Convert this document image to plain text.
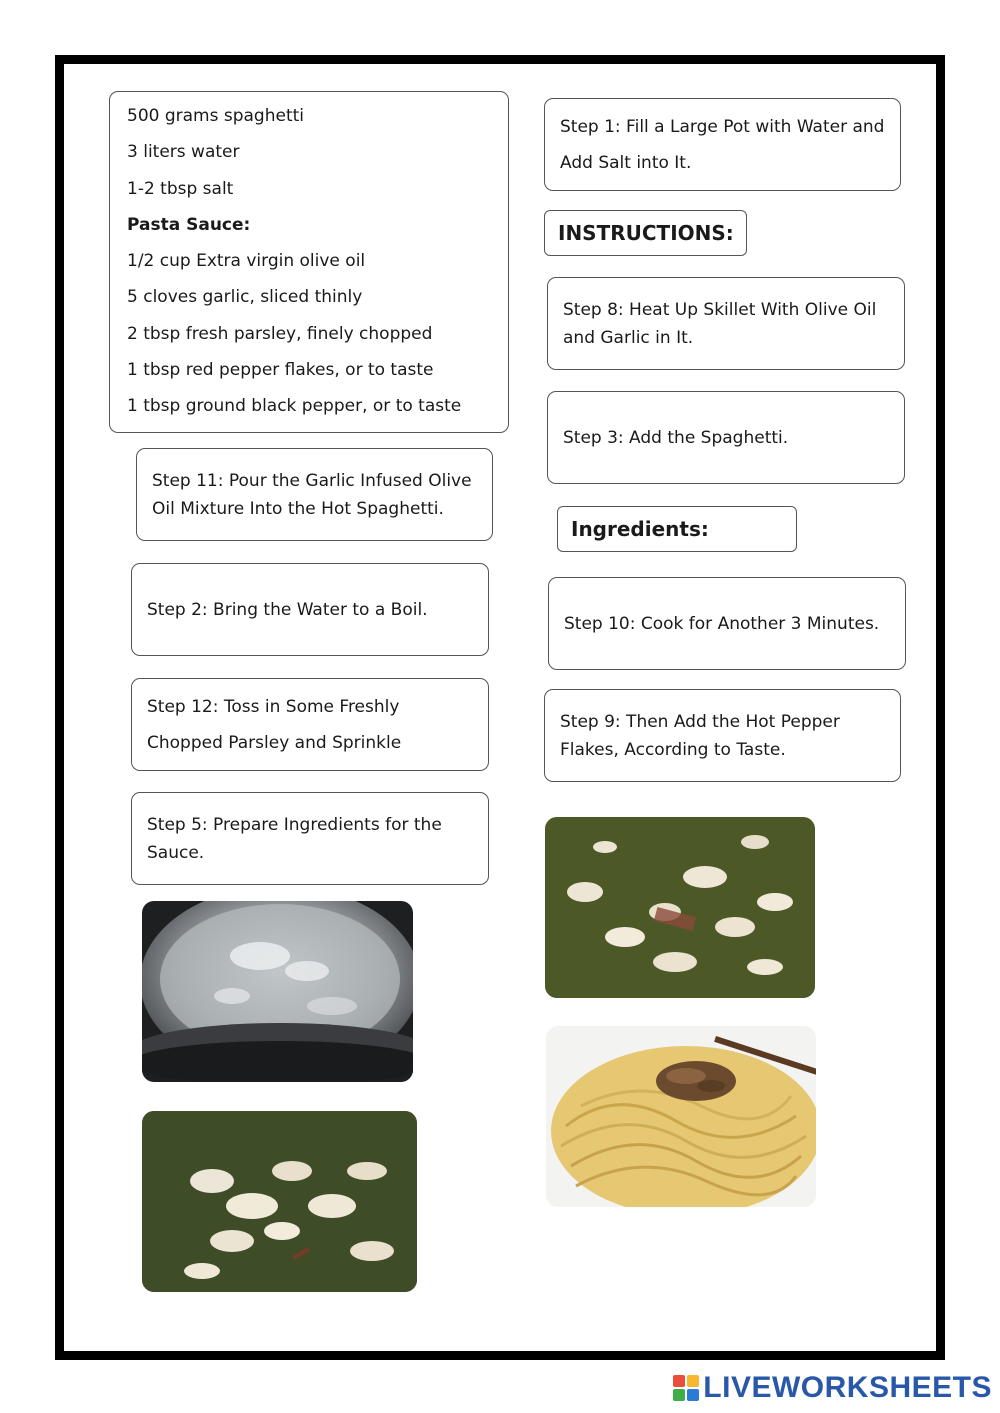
500 grams spaghetti
3 liters water
1-2 tbsp salt
Pasta Sauce:
1/2 cup Extra virgin olive oil
5 cloves garlic, sliced thinly
2 tbsp fresh parsley, finely chopped
1 tbsp red pepper flakes, or to taste
1 tbsp ground black pepper, or to taste
Step 1: Fill a Large Pot with Water and Add Salt into It.
INSTRUCTIONS:
Step 8: Heat Up Skillet With Olive Oil and Garlic in It.
Step 3: Add the Spaghetti.
Ingredients:
Step 10: Cook for Another 3 Minutes.
Step 9: Then Add the Hot Pepper Flakes, According to Taste.
Step 11: Pour the Garlic Infused Olive Oil Mixture Into the Hot Spaghetti.
Step 2: Bring the Water to a Boil.
Step 12: Toss in Some Freshly Chopped Parsley and Sprinkle
Step 5: Prepare Ingredients for the Sauce.
LIVEWORKSHEETS
